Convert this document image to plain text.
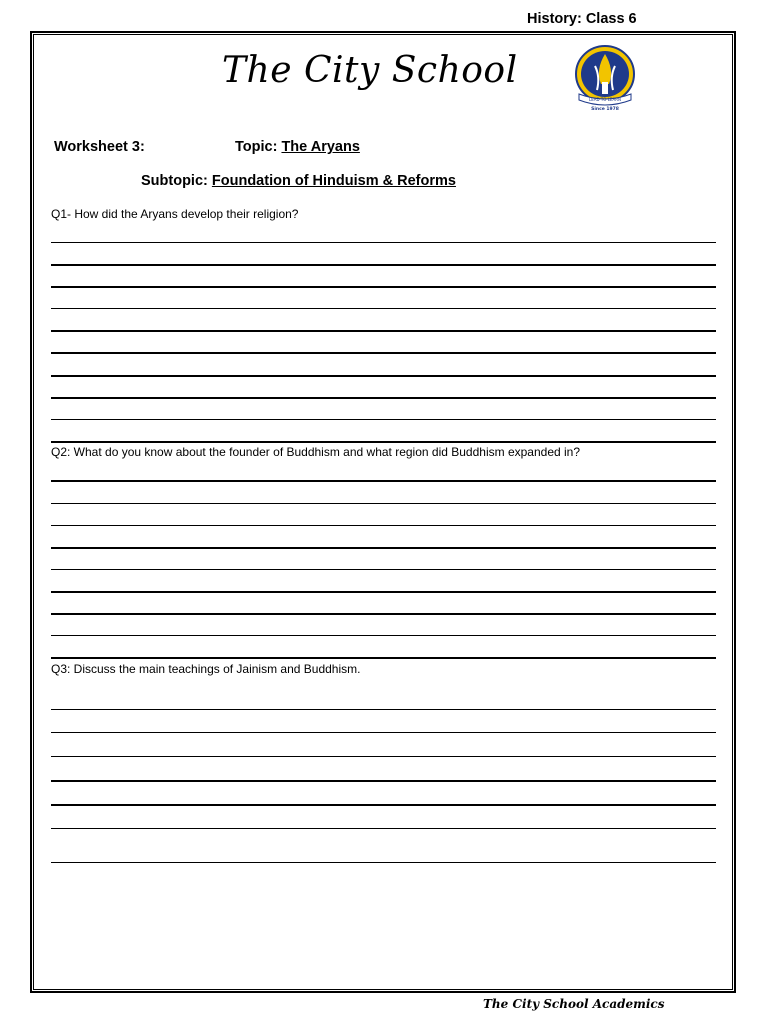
History: Class 6
The City School
LEAD TO LEARN
Since 1978
Worksheet 3:	Topic: The Aryans
Subtopic: Foundation of Hinduism & Reforms
Q1- How did the Aryans develop their religion?
Q2: What do you know about the founder of Buddhism and what region did Buddhism expanded in?
Q3: Discuss the main teachings of Jainism and Buddhism.
The City School Academics
